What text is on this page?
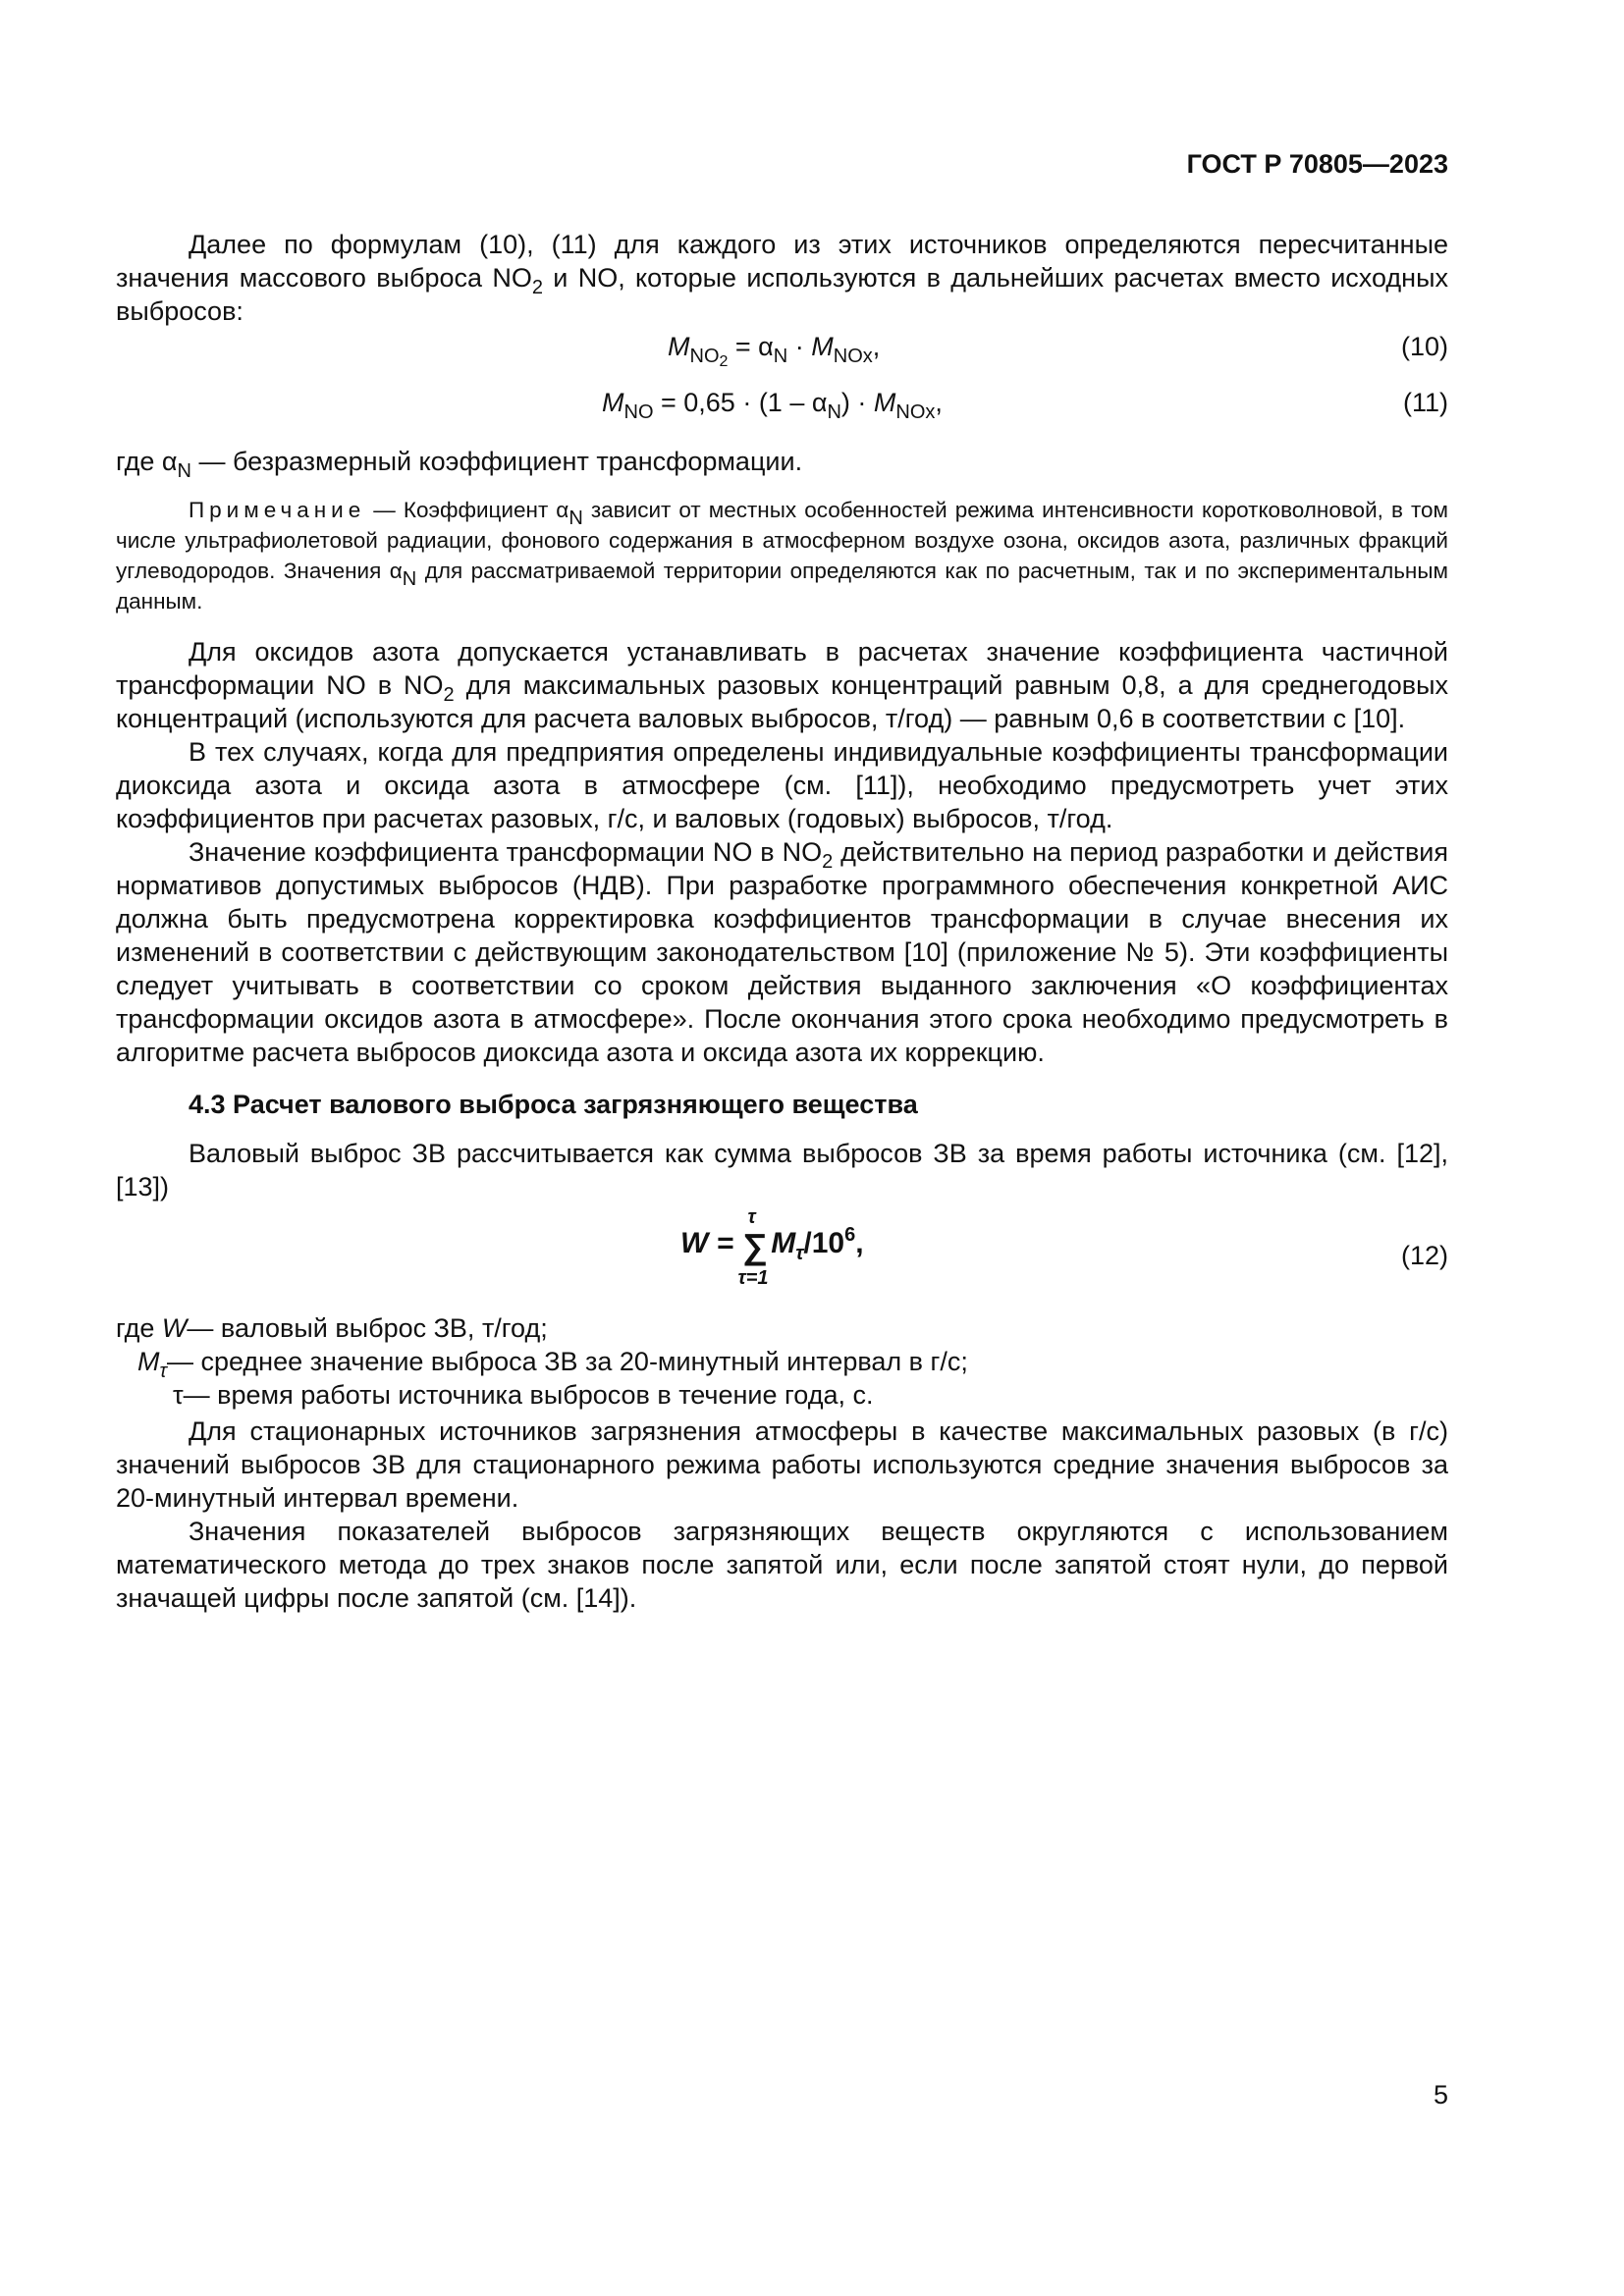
ГОСТ Р 70805—2023

Далее по формулам (10), (11) для каждого из этих источников определяются пересчитанные значения массового выброса $NO_2$ и NO, которые используются в дальнейших расчетах вместо исходных выбросов:

$M_{NO_2} = \alpha_N \cdot M_{NOx}$,	(10)
$M_{NO} = 0,65 \cdot (1 - \alpha_N) \cdot M_{NOx}$,	(11)

где $\alpha_N$ — безразмерный коэффициент трансформации.

Примечание — Коэффициент $\alpha_N$ зависит от местных особенностей режима интенсивности коротковолновой, в том числе ультрафиолетовой радиации, фонового содержания в атмосферном воздухе озона, оксидов азота, различных фракций углеводородов. Значения $\alpha_N$ для рассматриваемой территории определяются как по расчетным, так и по экспериментальным данным.

Для оксидов азота допускается устанавливать в расчетах значение коэффициента частичной трансформации NO в $NO_2$ для максимальных разовых концентраций равным 0,8, а для среднегодовых концентраций (используются для расчета валовых выбросов, т/год) — равным 0,6 в соответствии с [10].

В тех случаях, когда для предприятия определены индивидуальные коэффициенты трансформации диоксида азота и оксида азота в атмосфере (см. [11]), необходимо предусмотреть учет этих коэффициентов при расчетах разовых, г/с, и валовых (годовых) выбросов, т/год.

Значение коэффициента трансформации NO в $NO_2$ действительно на период разработки и действия нормативов допустимых выбросов (НДВ). При разработке программного обеспечения конкретной АИС должна быть предусмотрена корректировка коэффициентов трансформации в случае внесения их изменений в соответствии с действующим законодательством [10] (приложение № 5). Эти коэффициенты следует учитывать в соответствии со сроком действия выданного заключения «О коэффициентах трансформации оксидов азота в атмосфере». После окончания этого срока необходимо предусмотреть в алгоритме расчета выбросов диоксида азота и оксида азота их коррекцию.

4.3 Расчет валового выброса загрязняющего вещества

Валовый выброс ЗВ рассчитывается как сумма выбросов ЗВ за время работы источника (см. [12], [13])

W = ∑
τ
τ=1
$M_\tau/10^6$,	(12)
где W— валовый выброс ЗВ, т/год;
$M_\tau—$ среднее значение выброса ЗВ за 20-минутный интервал в г/с;
τ— время работы источника выбросов в течение года, с.

Для стационарных источников загрязнения атмосферы в качестве максимальных разовых (в г/с) значений выбросов ЗВ для стационарного режима работы используются средние значения выбросов за 20-минутный интервал времени.

Значения показателей выбросов загрязняющих веществ округляются с использованием математического метода до трех знаков после запятой или, если после запятой стоят нули, до первой значащей цифры после запятой (см. [14]).

5
